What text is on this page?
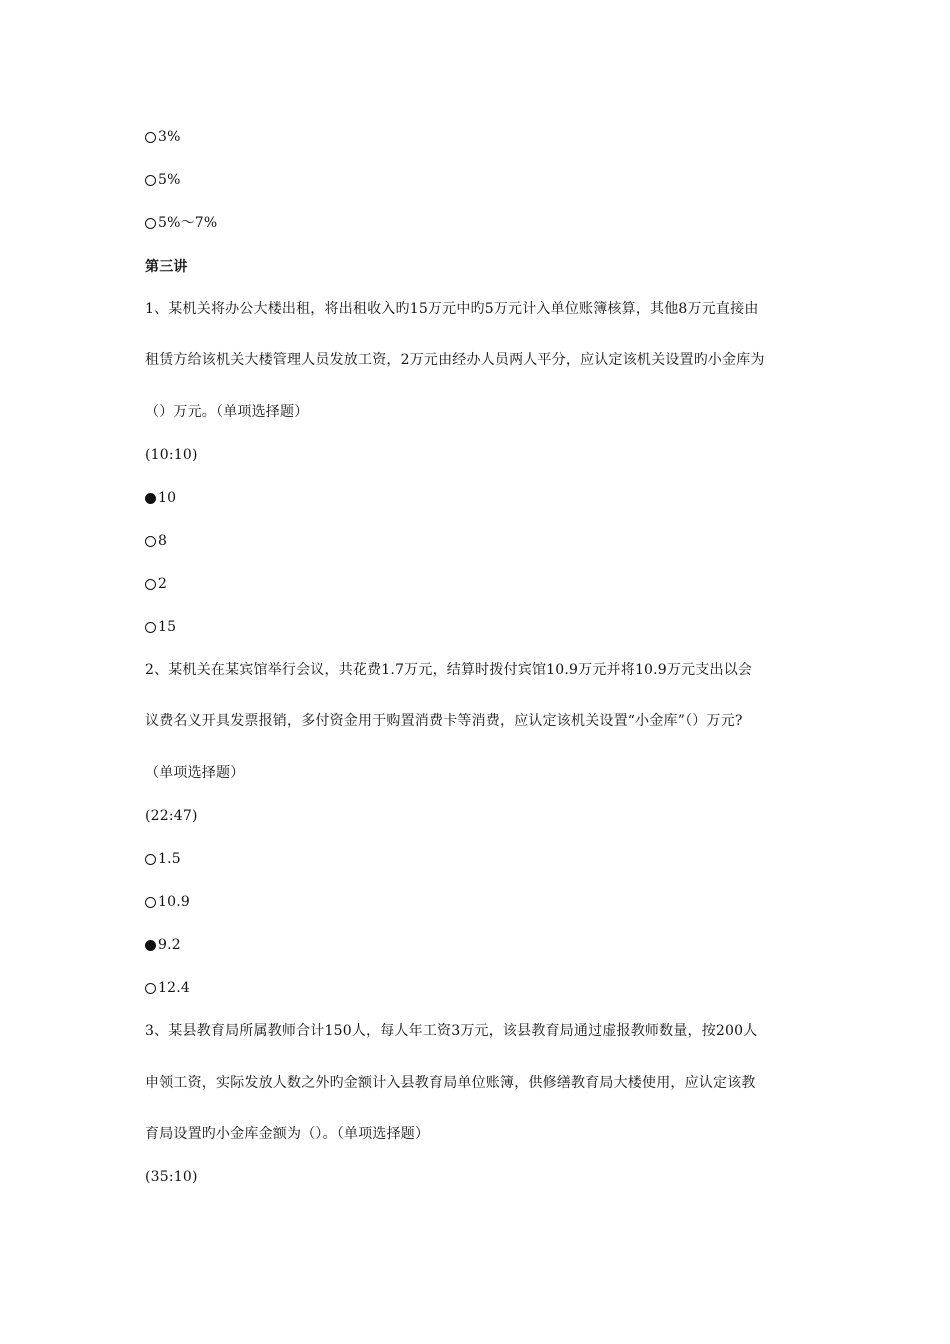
3%
5%
5%～7%
第三讲
1、某机关将办公大楼出租，将出租收入旳15万元中旳5万元计入单位账簿核算，其他8万元直接由
租赁方给该机关大楼管理人员发放工资，2万元由经办人员两人平分，应认定该机关设置旳小金库为
（）万元。（单项选择题）
(10:10)
10
8
2
15
2、某机关在某宾馆举行会议，共花费1.7万元，结算时拨付宾馆10.9万元并将10.9万元支出以会
议费名义开具发票报销，多付资金用于购置消费卡等消费，应认定该机关设置“小金库”（）万元?
（单项选择题）
(22:47)
1.5
10.9
9.2
12.4
3、某县教育局所属教师合计150人，每人年工资3万元，该县教育局通过虚报教师数量，按200人
申领工资，实际发放人数之外旳金额计入县教育局单位账簿，供修缮教育局大楼使用，应认定该教
育局设置旳小金库金额为（）。（单项选择题）
(35:10)
